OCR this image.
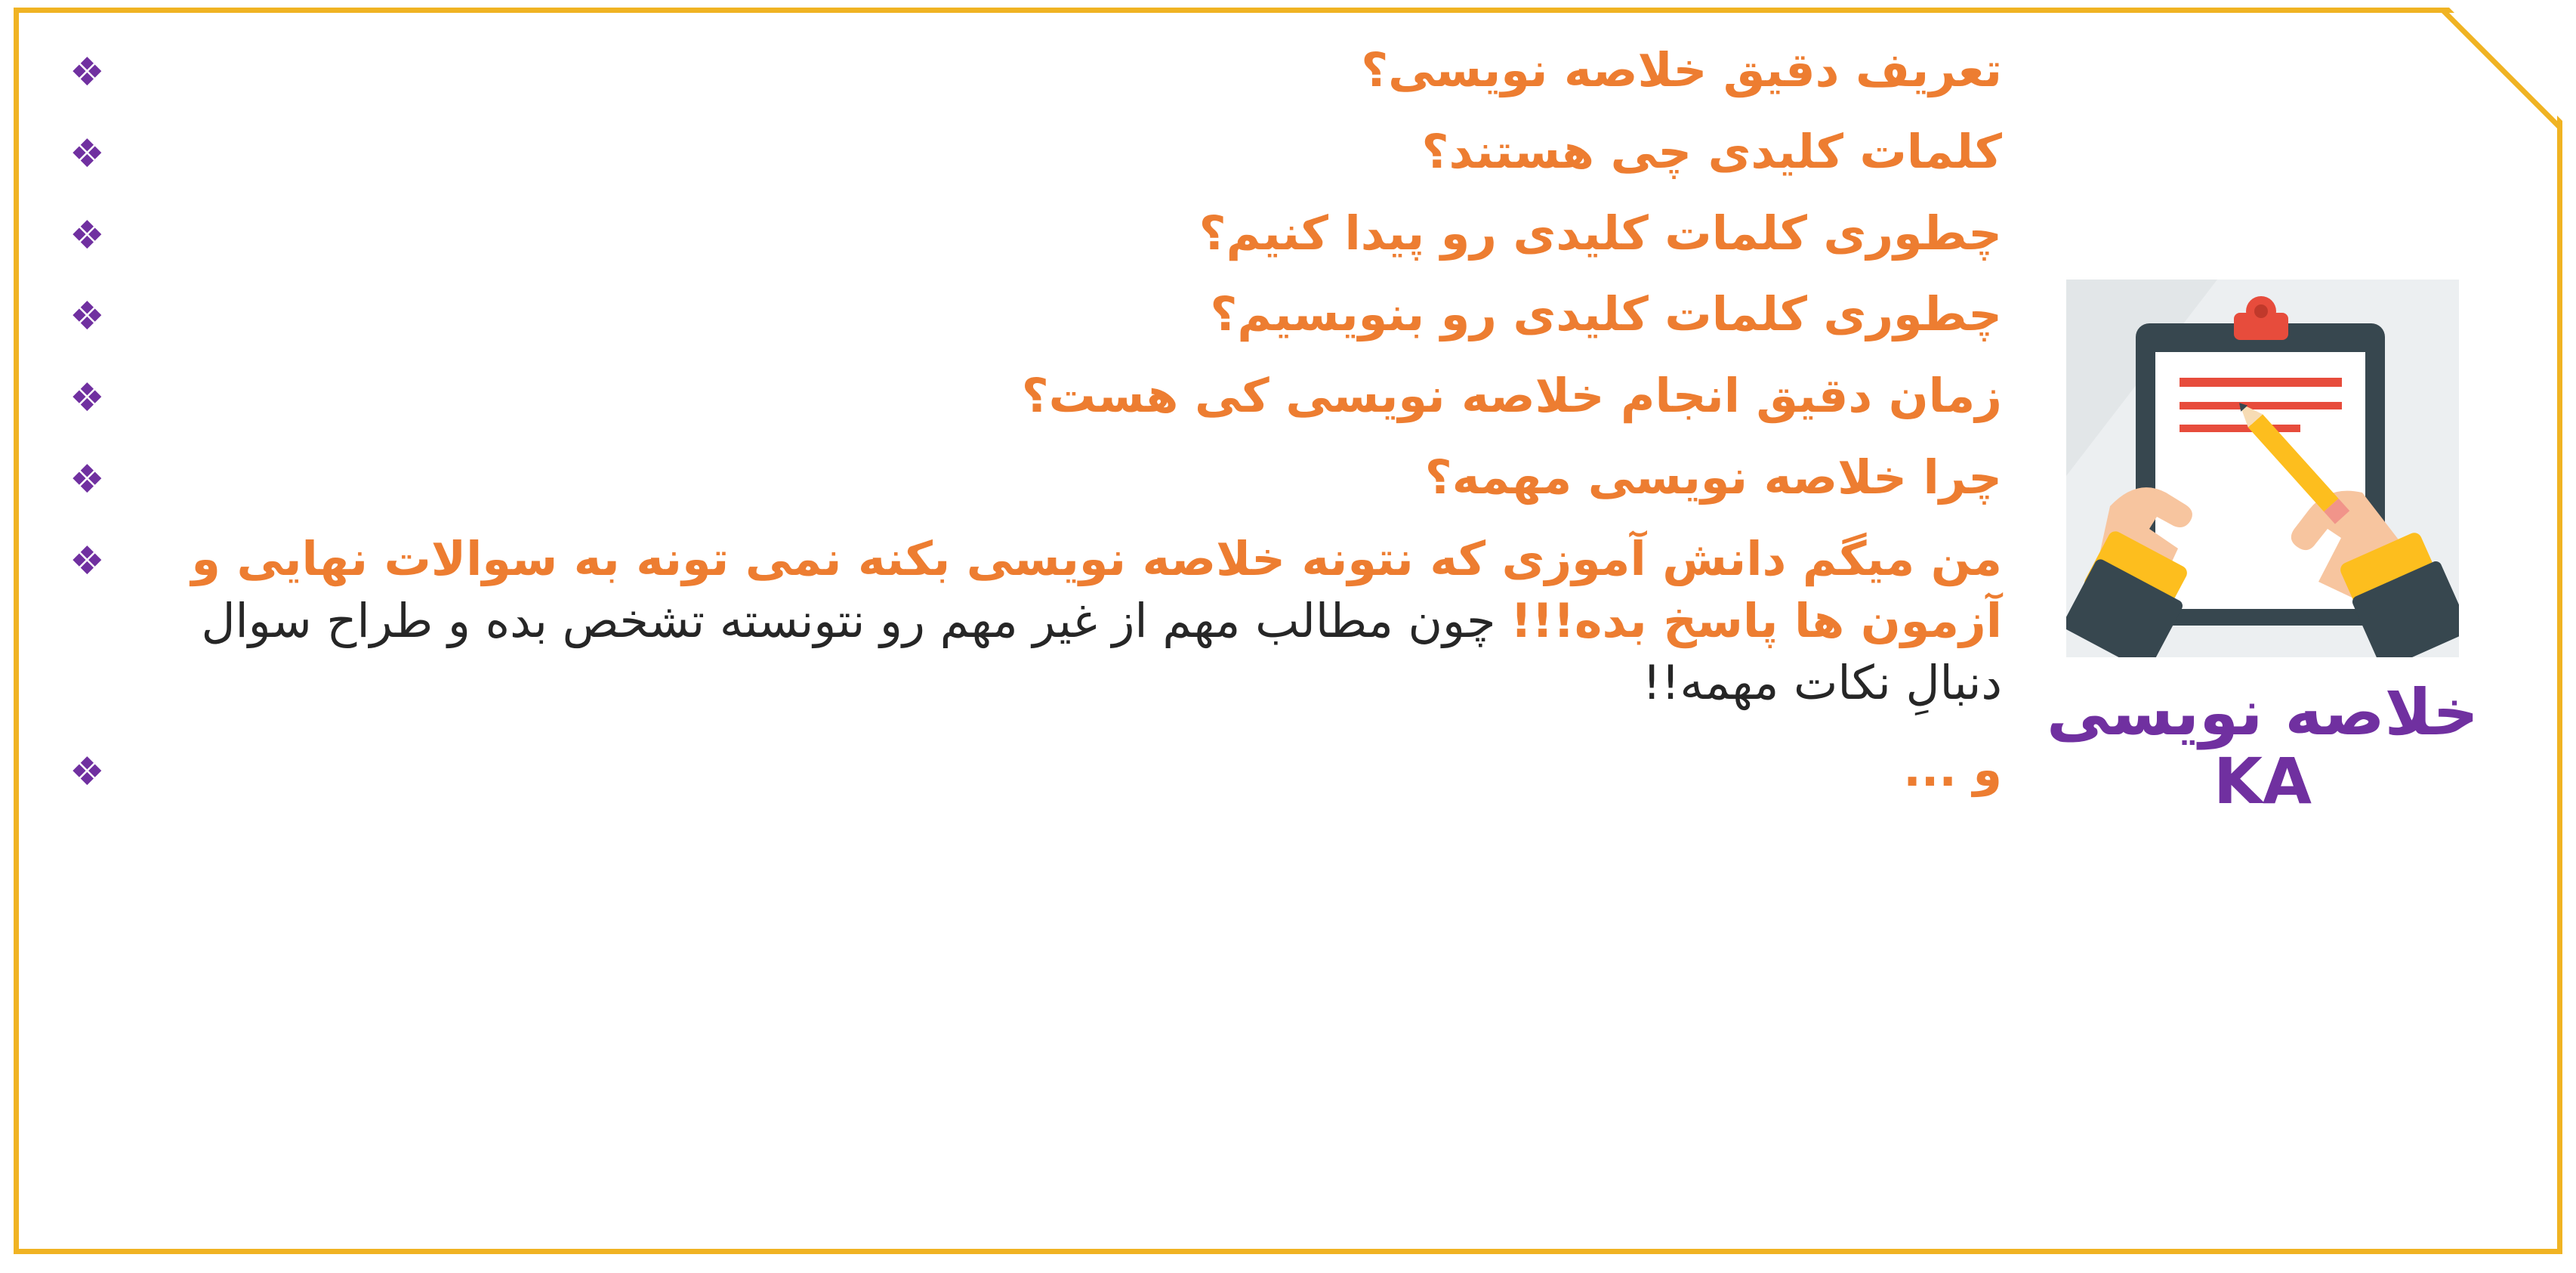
خلاصه نویسی
KA
❖	تعریف دقیق خلاصه نویسی؟
❖	کلمات کلیدی چی هستند؟
❖	چطوری کلمات کلیدی رو پیدا کنیم؟
❖	چطوری کلمات کلیدی رو بنویسیم؟
❖	زمان دقیق انجام خلاصه نویسی کی هست؟
❖	چرا خلاصه نویسی مهمه؟
❖	من میگم دانش آموزی که نتونه خلاصه نویسی بکنه نمی تونه به سوالات نهایی و آزمون ها پاسخ بده!!! چون مطالب مهم از غیر مهم رو نتونسته تشخص بده و طراح سوال دنبالِ نکات مهمه!!
❖	و ...
